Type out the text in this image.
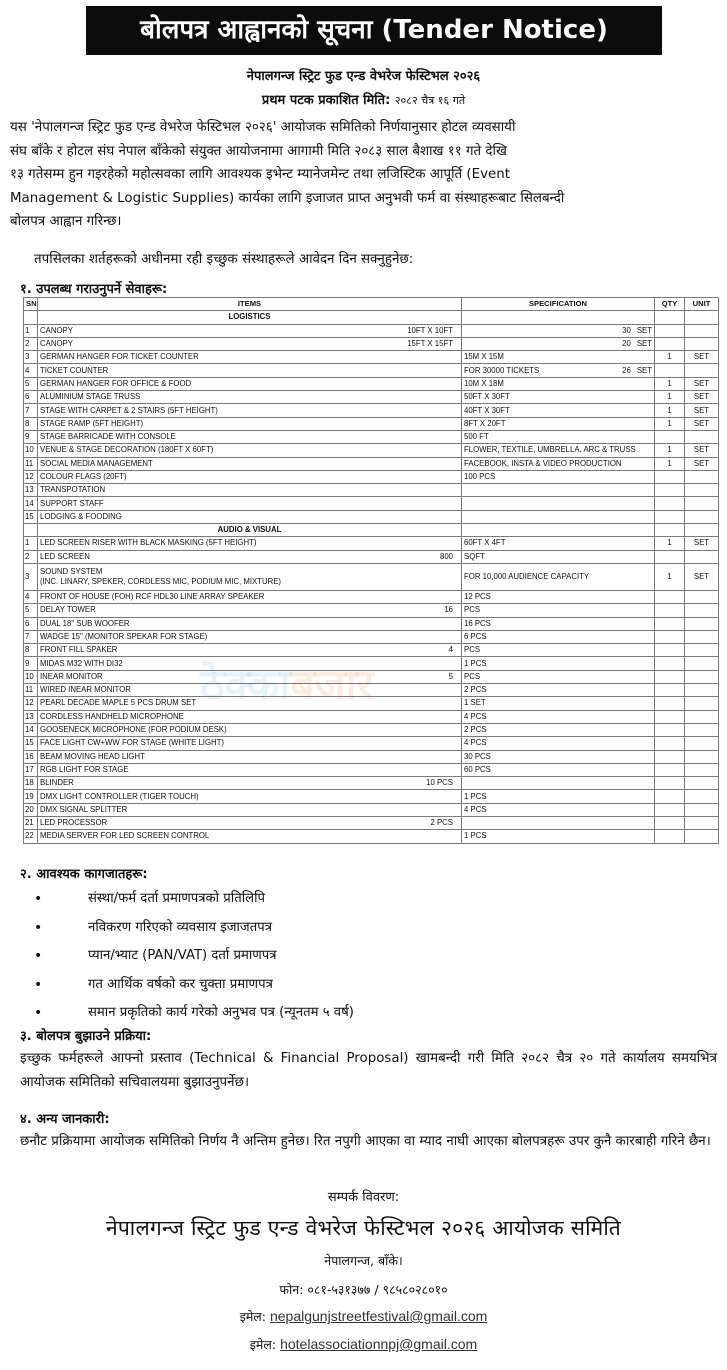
बोलपत्र आह्वानको सूचना (Tender Notice)
नेपालगन्ज स्ट्रिट फुड एन्ड वेभरेज फेस्टिभल २०२६
प्रथम पटक प्रकाशित मिति: २०८२ चैत्र १६ गते
यस 'नेपालगन्ज स्ट्रिट फुड एन्ड वेभरेज फेस्टिभल २०२६' आयोजक समितिको निर्णयानुसार होटल व्यवसायी
संघ बाँके र होटल संघ नेपाल बाँकेको संयुक्त आयोजनामा आगामी मिति २०८३ साल बैशाख ११ गते देखि
१३ गतेसम्म हुन गइरहेको महोत्सवका लागि आवश्यक इभेन्ट म्यानेजमेन्ट तथा लजिस्टिक आपूर्ति (Event
Management & Logistic Supplies) कार्यका लागि इजाजत प्राप्त अनुभवी फर्म वा संस्थाहरूबाट सिलबन्दी
बोलपत्र आह्वान गरिन्छ।
तपसिलका शर्तहरूको अधीनमा रही इच्छुक संस्थाहरूले आवेदन दिन सक्नुहुनेछ:
१. उपलब्ध गराउनुपर्ने सेवाहरू:
ठेक्काबजार
SN	ITEMS	SPECIFICATION	QTY	UNIT
	LOGISTICS			
1	CANOPY 10FT X 10FT	30 SET		

2	CANOPY 15FT X 15FT	20 SET		

3	GERMAN HANGER FOR TICKET COUNTER	15M X 15M	1	SET
4	TICKET COUNTER	FOR 30000 TICKETS 26 SET		

5	GERMAN HANGER FOR OFFICE & FOOD	10M X 18M	1	SET
6	ALUMINIUM STAGE TRUSS	50FT X 30FT	1	SET
7	STAGE WITH CARPET & 2 STAIRS (5FT HEIGHT)	40FT X 30FT	1	SET
8	STAGE RAMP (5FT HEIGHT)	8FT X 20FT	1	SET
9	STAGE BARRICADE WITH CONSOLE	500 FT		
10	VENUE & STAGE DECORATION (180FT X 60FT)	FLOWER, TEXTILE, UMBRELLA, ARC & TRUSS	1	SET
11	SOCIAL MEDIA MANAGEMENT	FACEBOOK, INSTA & VIDEO PRODUCTION	1	SET
12	COLOUR FLAGS (20FT)	100 PCS		
13	TRANSPOTATION			

14	SUPPORT STAFF			

15	LODGING & FOODING			

	AUDIO & VISUAL			
1	LED SCREEN RISER WITH BLACK MASKING (5FT HEIGHT)	60FT X 4FT	1	SET
2	LED SCREEN 800	SQFT		
3	SOUND SYSTEM
(INC. LINARY, SPEKER, CORDLESS MIC, PODIUM MIC, MIXTURE)	FOR 10,000 AUDIENCE CAPACITY	1	SET
4	FRONT OF HOUSE (FOH) RCF HDL30 LINE ARRAY SPEAKER	12 PCS		
5	DELAY TOWER 16	PCS		
6	DUAL 18" SUB WOOFER	16 PCS		
7	WADGE 15" (MONITOR SPEKAR FOR STAGE)	6 PCS		
8	FRONT FILL SPAKER 4	PCS		
9	MIDAS M32 WITH DI32	1 PCS		
10	INEAR MONITOR 5	PCS		
11	WIRED INEAR MONITOR	2 PCS		
12	PEARL DECADE MAPLE 5 PCS DRUM SET	1 SET		
13	CORDLESS HANDHELD MICROPHONE	4 PCS		
14	GOOSENECK MICROPHONE (FOR PODIUM DESK)	2 PCS		
15	FACE LIGHT CW+WW FOR STAGE (WHITE LIGHT)	4 PCS		
16	BEAM MOVING HEAD LIGHT	30 PCS		
17	RGB LIGHT FOR STAGE	60 PCS		
18	BLINDER 10 PCS			

19	DMX LIGHT CONTROLLER (TIGER TOUCH)	1 PCS		
20	DMX SIGNAL SPLITTER	4 PCS		
21	LED PROCESSOR 2 PCS			

22	MEDIA SERVER FOR LED SCREEN CONTROL	1 PCS		
२. आवश्यक कागजातहरू:
•	संस्था/फर्म दर्ता प्रमाणपत्रको प्रतिलिपि
•	नविकरण गरिएको व्यवसाय इजाजतपत्र
•	प्यान/भ्याट (PAN/VAT) दर्ता प्रमाणपत्र
•	गत आर्थिक वर्षको कर चुक्ता प्रमाणपत्र
•	समान प्रकृतिको कार्य गरेको अनुभव पत्र (न्यूनतम ५ वर्ष)
३. बोलपत्र बुझाउने प्रक्रिया:
इच्छुक फर्महरूले आफ्नो प्रस्ताव (Technical & Financial Proposal) खामबन्दी गरी मिति २०८२ चैत्र २० गते कार्यालय समयभित्र आयोजक समितिको सचिवालयमा बुझाउनुपर्नेछ।
४. अन्य जानकारी:
छनौट प्रक्रियामा आयोजक समितिको निर्णय नै अन्तिम हुनेछ। रित नपुगी आएका वा म्याद नाघी आएका बोलपत्रहरू उपर कुनै कारबाही गरिने छैन।
सम्पर्क विवरण:
नेपालगन्ज स्ट्रिट फुड एन्ड वेभरेज फेस्टिभल २०२६ आयोजक समिति
नेपालगन्ज, बाँके।
फोन: ०८१-५३१३७७ / ९८५८०२८०१०
इमेल: nepalgunjstreetfestival@gmail.com
इमेल: hotelassociationnpj@gmail.com
